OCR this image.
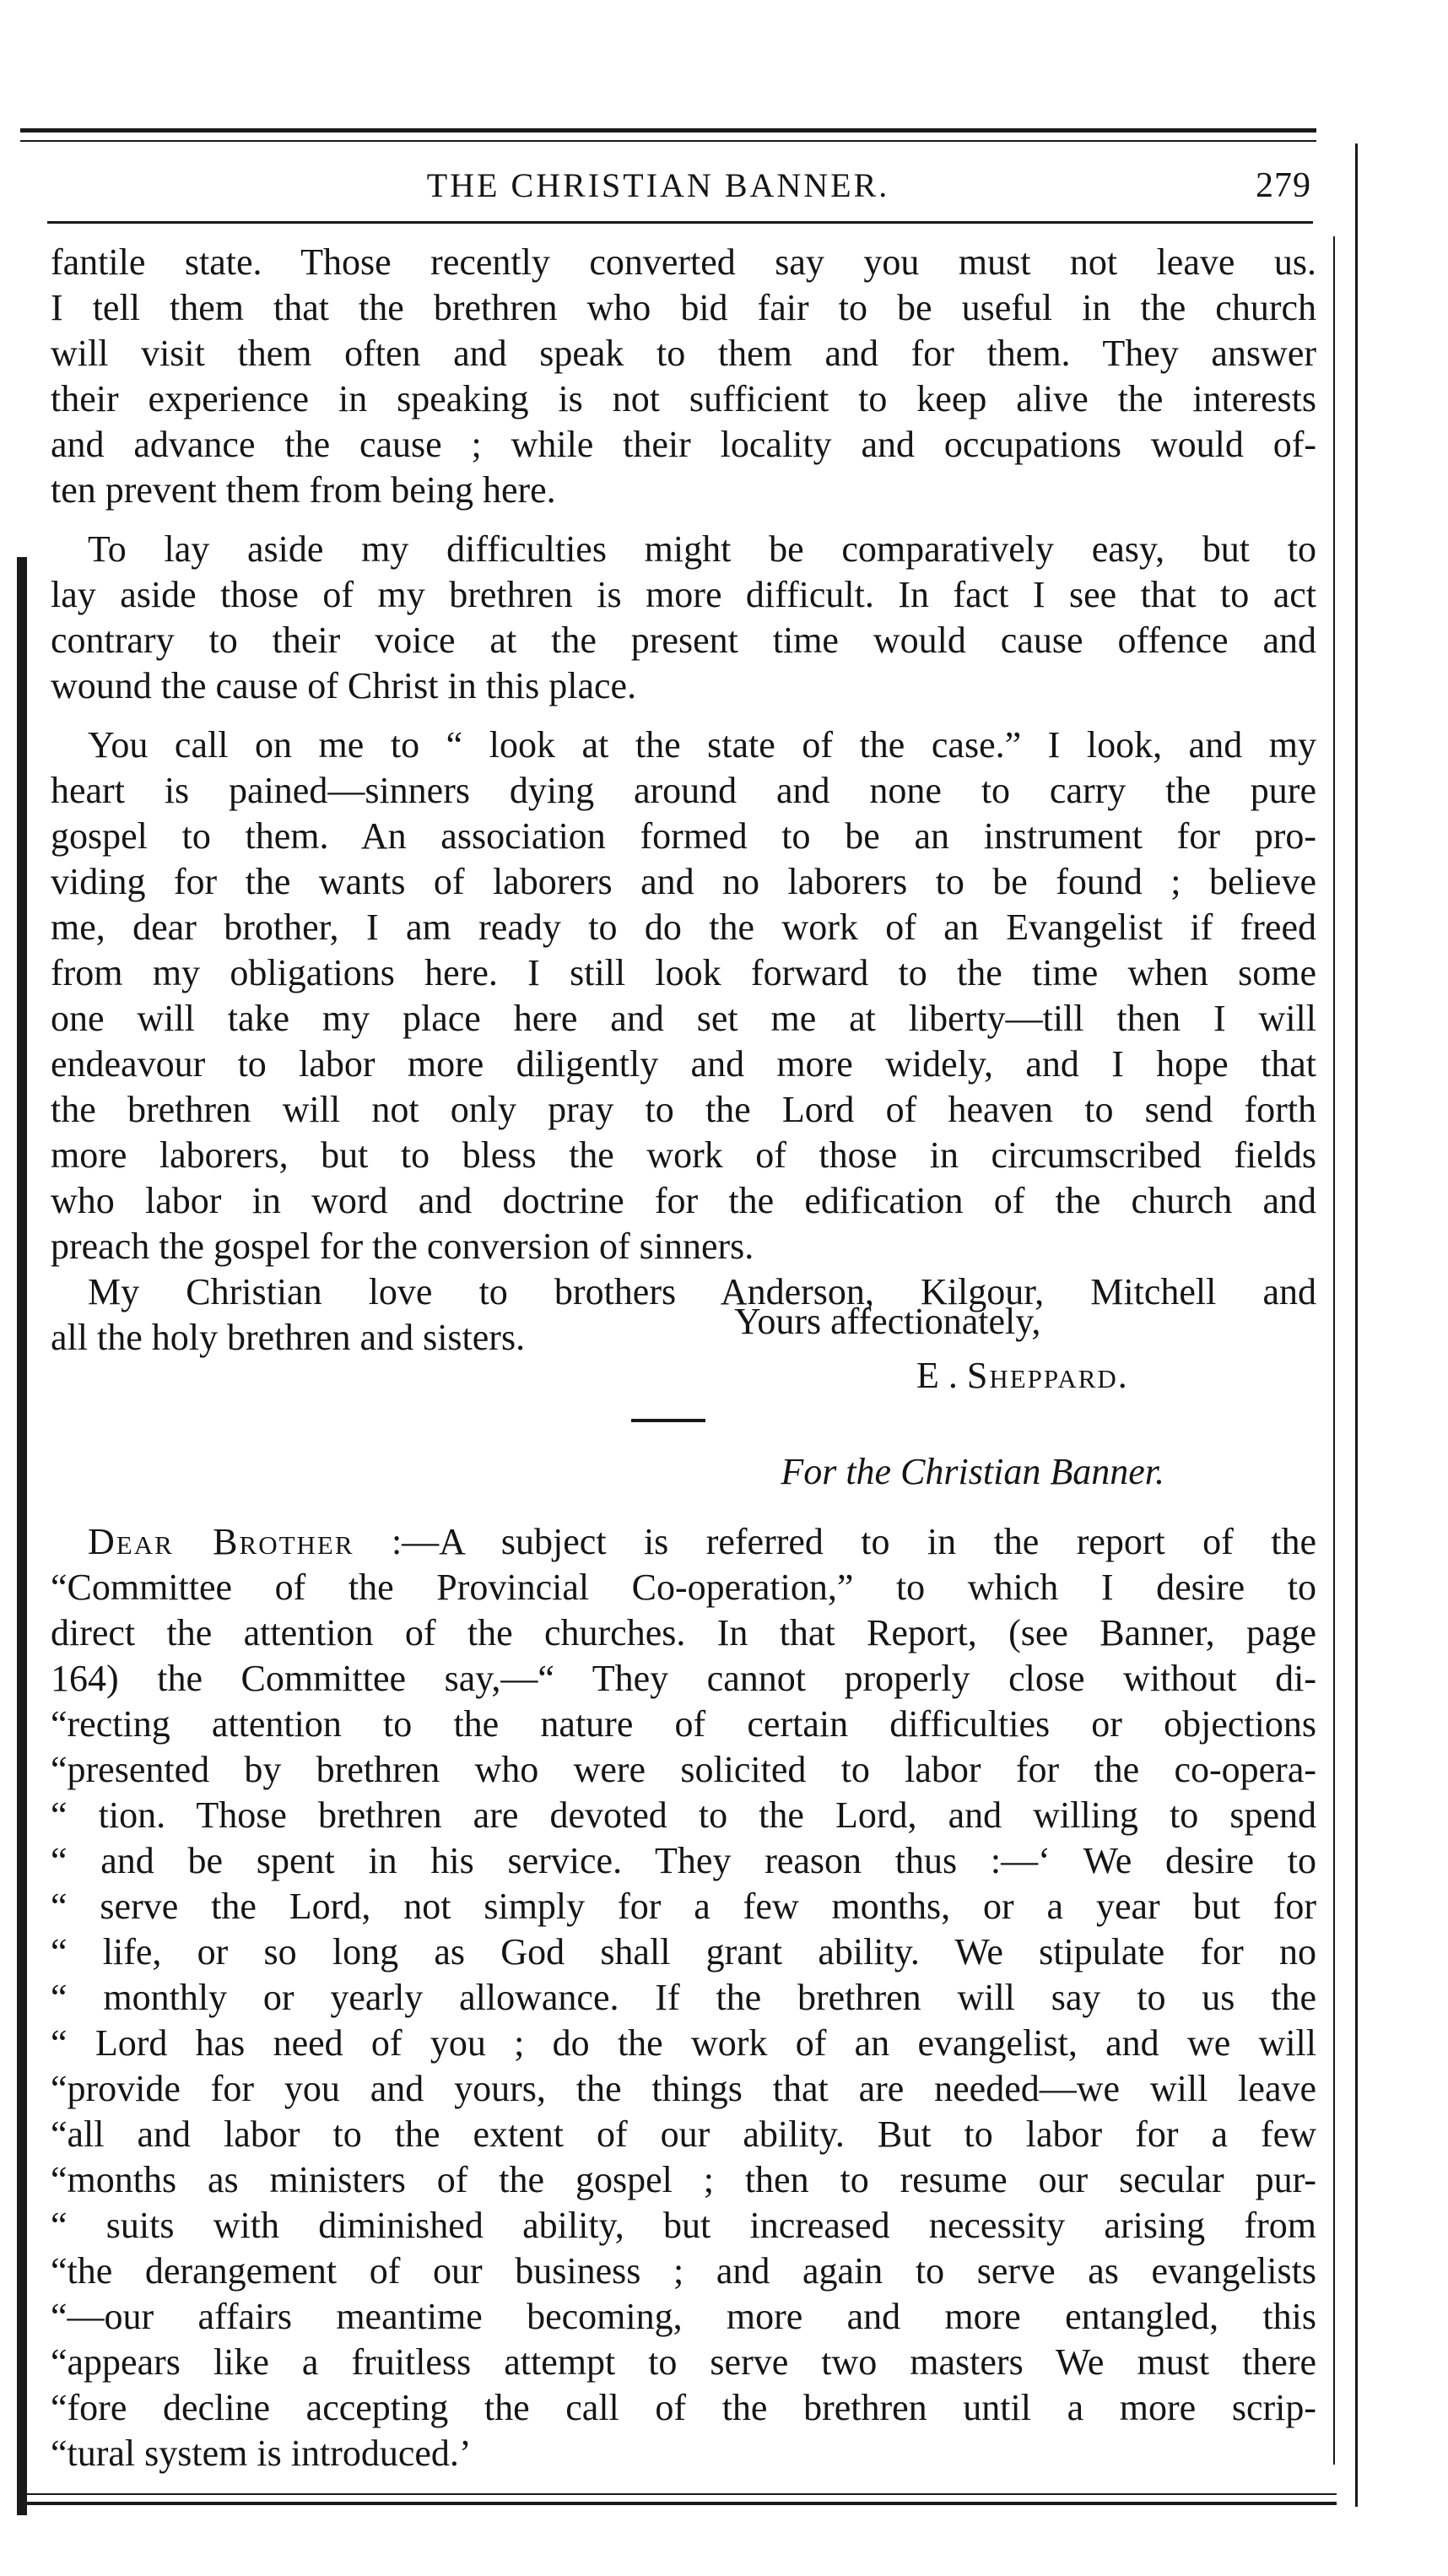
THE CHRISTIAN BANNER.	279
fantile state. Those recently converted say you must not leave us.
I tell them that the brethren who bid fair to be useful in the church
will visit them often and speak to them and for them. They answer
their experience in speaking is not sufficient to keep alive the interests
and advance the cause ; while their locality and occupations would of-
ten prevent them from being here.
To lay aside my difficulties might be comparatively easy, but to
lay aside those of my brethren is more difficult. In fact I see that to act
contrary to their voice at the present time would cause offence and
wound the cause of Christ in this place.
You call on me to “ look at the state of the case.” I look, and my
heart is pained—sinners dying around and none to carry the pure
gospel to them. An association formed to be an instrument for pro-
viding for the wants of laborers and no laborers to be found ; believe
me, dear brother, I am ready to do the work of an Evangelist if freed
from my obligations here. I still look forward to the time when some
one will take my place here and set me at liberty—till then I will
endeavour to labor more diligently and more widely, and I hope that
the brethren will not only pray to the Lord of heaven to send forth
more laborers, but to bless the work of those in circumscribed fields
who labor in word and doctrine for the edification of the church and
preach the gospel for the conversion of sinners.
My Christian love to brothers Anderson, Kilgour, Mitchell and
all the holy brethren and sisters.	Yours affectionately,
E . Sheppard.
For the Christian Banner.
Dear Brother :—A subject is referred to in the report of the
“Committee of the Provincial Co-operation,” to which I desire to
direct the attention of the churches. In that Report, (see Banner, page
164) the Committee say,—“ They cannot properly close without di-
“recting attention to the nature of certain difficulties or objections
“presented by brethren who were solicited to labor for the co-opera-
“ tion. Those brethren are devoted to the Lord, and willing to spend
“ and be spent in his service. They reason thus :—‘ We desire to
“ serve the Lord, not simply for a few months, or a year but for
“ life, or so long as God shall grant ability. We stipulate for no
“ monthly or yearly allowance. If the brethren will say to us the
“ Lord has need of you ; do the work of an evangelist, and we will
“provide for you and yours, the things that are needed—we will leave
“all and labor to the extent of our ability. But to labor for a few
“months as ministers of the gospel ; then to resume our secular pur-
“ suits with diminished ability, but increased necessity arising from
“the derangement of our business ; and again to serve as evangelists
“—our affairs meantime becoming, more and more entangled, this
“appears like a fruitless attempt to serve two masters We must there
“fore decline accepting the call of the brethren until a more scrip-
“tural system is introduced.’
